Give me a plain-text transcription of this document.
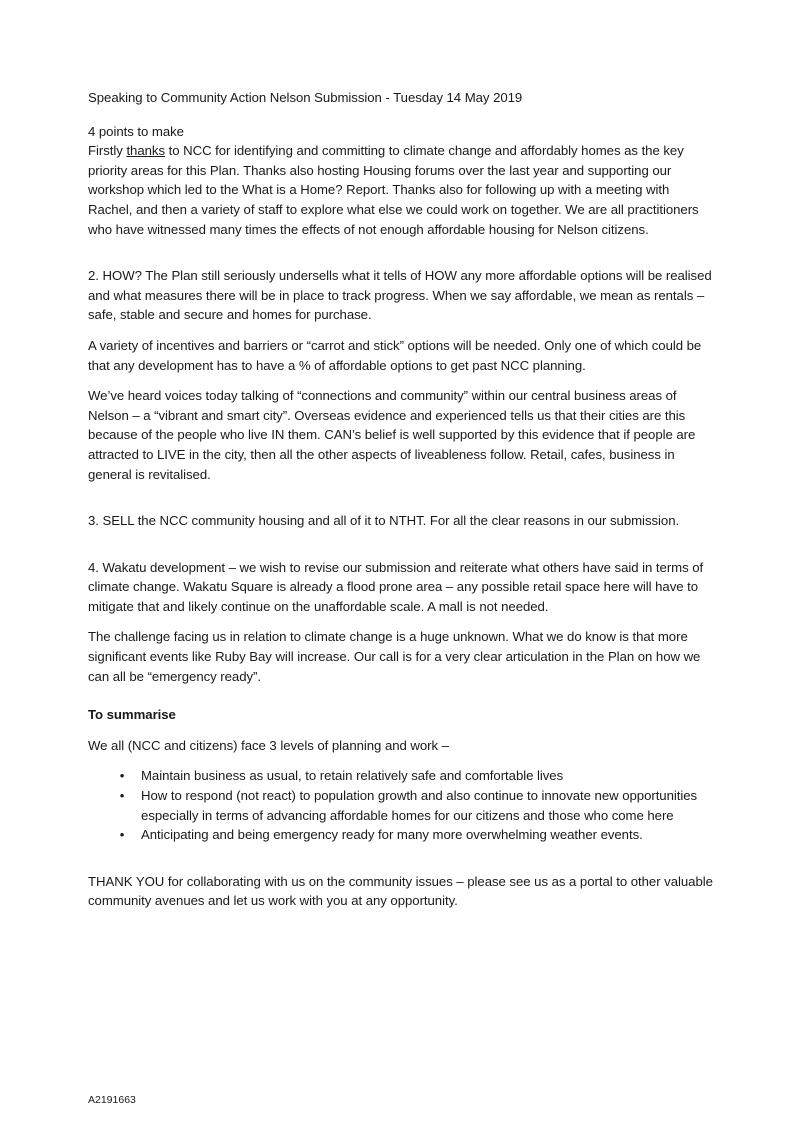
Speaking to Community Action Nelson Submission - Tuesday 14 May 2019

4 points to make

Firstly thanks to NCC for identifying and committing to climate change and affordably homes as the key priority areas for this Plan. Thanks also hosting Housing forums over the last year and supporting our workshop which led to the What is a Home? Report. Thanks also for following up with a meeting with Rachel, and then a variety of staff to explore what else we could work on together. We are all practitioners who have witnessed many times the effects of not enough affordable housing for Nelson citizens.

2. HOW? The Plan still seriously undersells what it tells of HOW any more affordable options will be realised and what measures there will be in place to track progress. When we say affordable, we mean as rentals – safe, stable and secure and homes for purchase.

A variety of incentives and barriers or “carrot and stick” options will be needed. Only one of which could be that any development has to have a % of affordable options to get past NCC planning.

We’ve heard voices today talking of “connections and community” within our central business areas of Nelson – a “vibrant and smart city”. Overseas evidence and experienced tells us that their cities are this because of the people who live IN them. CAN’s belief is well supported by this evidence that if people are attracted to LIVE in the city, then all the other aspects of liveableness follow. Retail, cafes, business in general is revitalised.

3. SELL the NCC community housing and all of it to NTHT. For all the clear reasons in our submission.

4. Wakatu development – we wish to revise our submission and reiterate what others have said in terms of climate change. Wakatu Square is already a flood prone area – any possible retail space here will have to mitigate that and likely continue on the unaffordable scale. A mall is not needed.

The challenge facing us in relation to climate change is a huge unknown. What we do know is that more significant events like Ruby Bay will increase. Our call is for a very clear articulation in the Plan on how we can all be “emergency ready”.

To summarise

We all (NCC and citizens) face 3 levels of planning and work –

• Maintain business as usual, to retain relatively safe and comfortable lives
• How to respond (not react) to population growth and also continue to innovate new opportunities especially in terms of advancing affordable homes for our citizens and those who come here
• Anticipating and being emergency ready for many more overwhelming weather events.

THANK YOU for collaborating with us on the community issues – please see us as a portal to other valuable community avenues and let us work with you at any opportunity.

A2191663
